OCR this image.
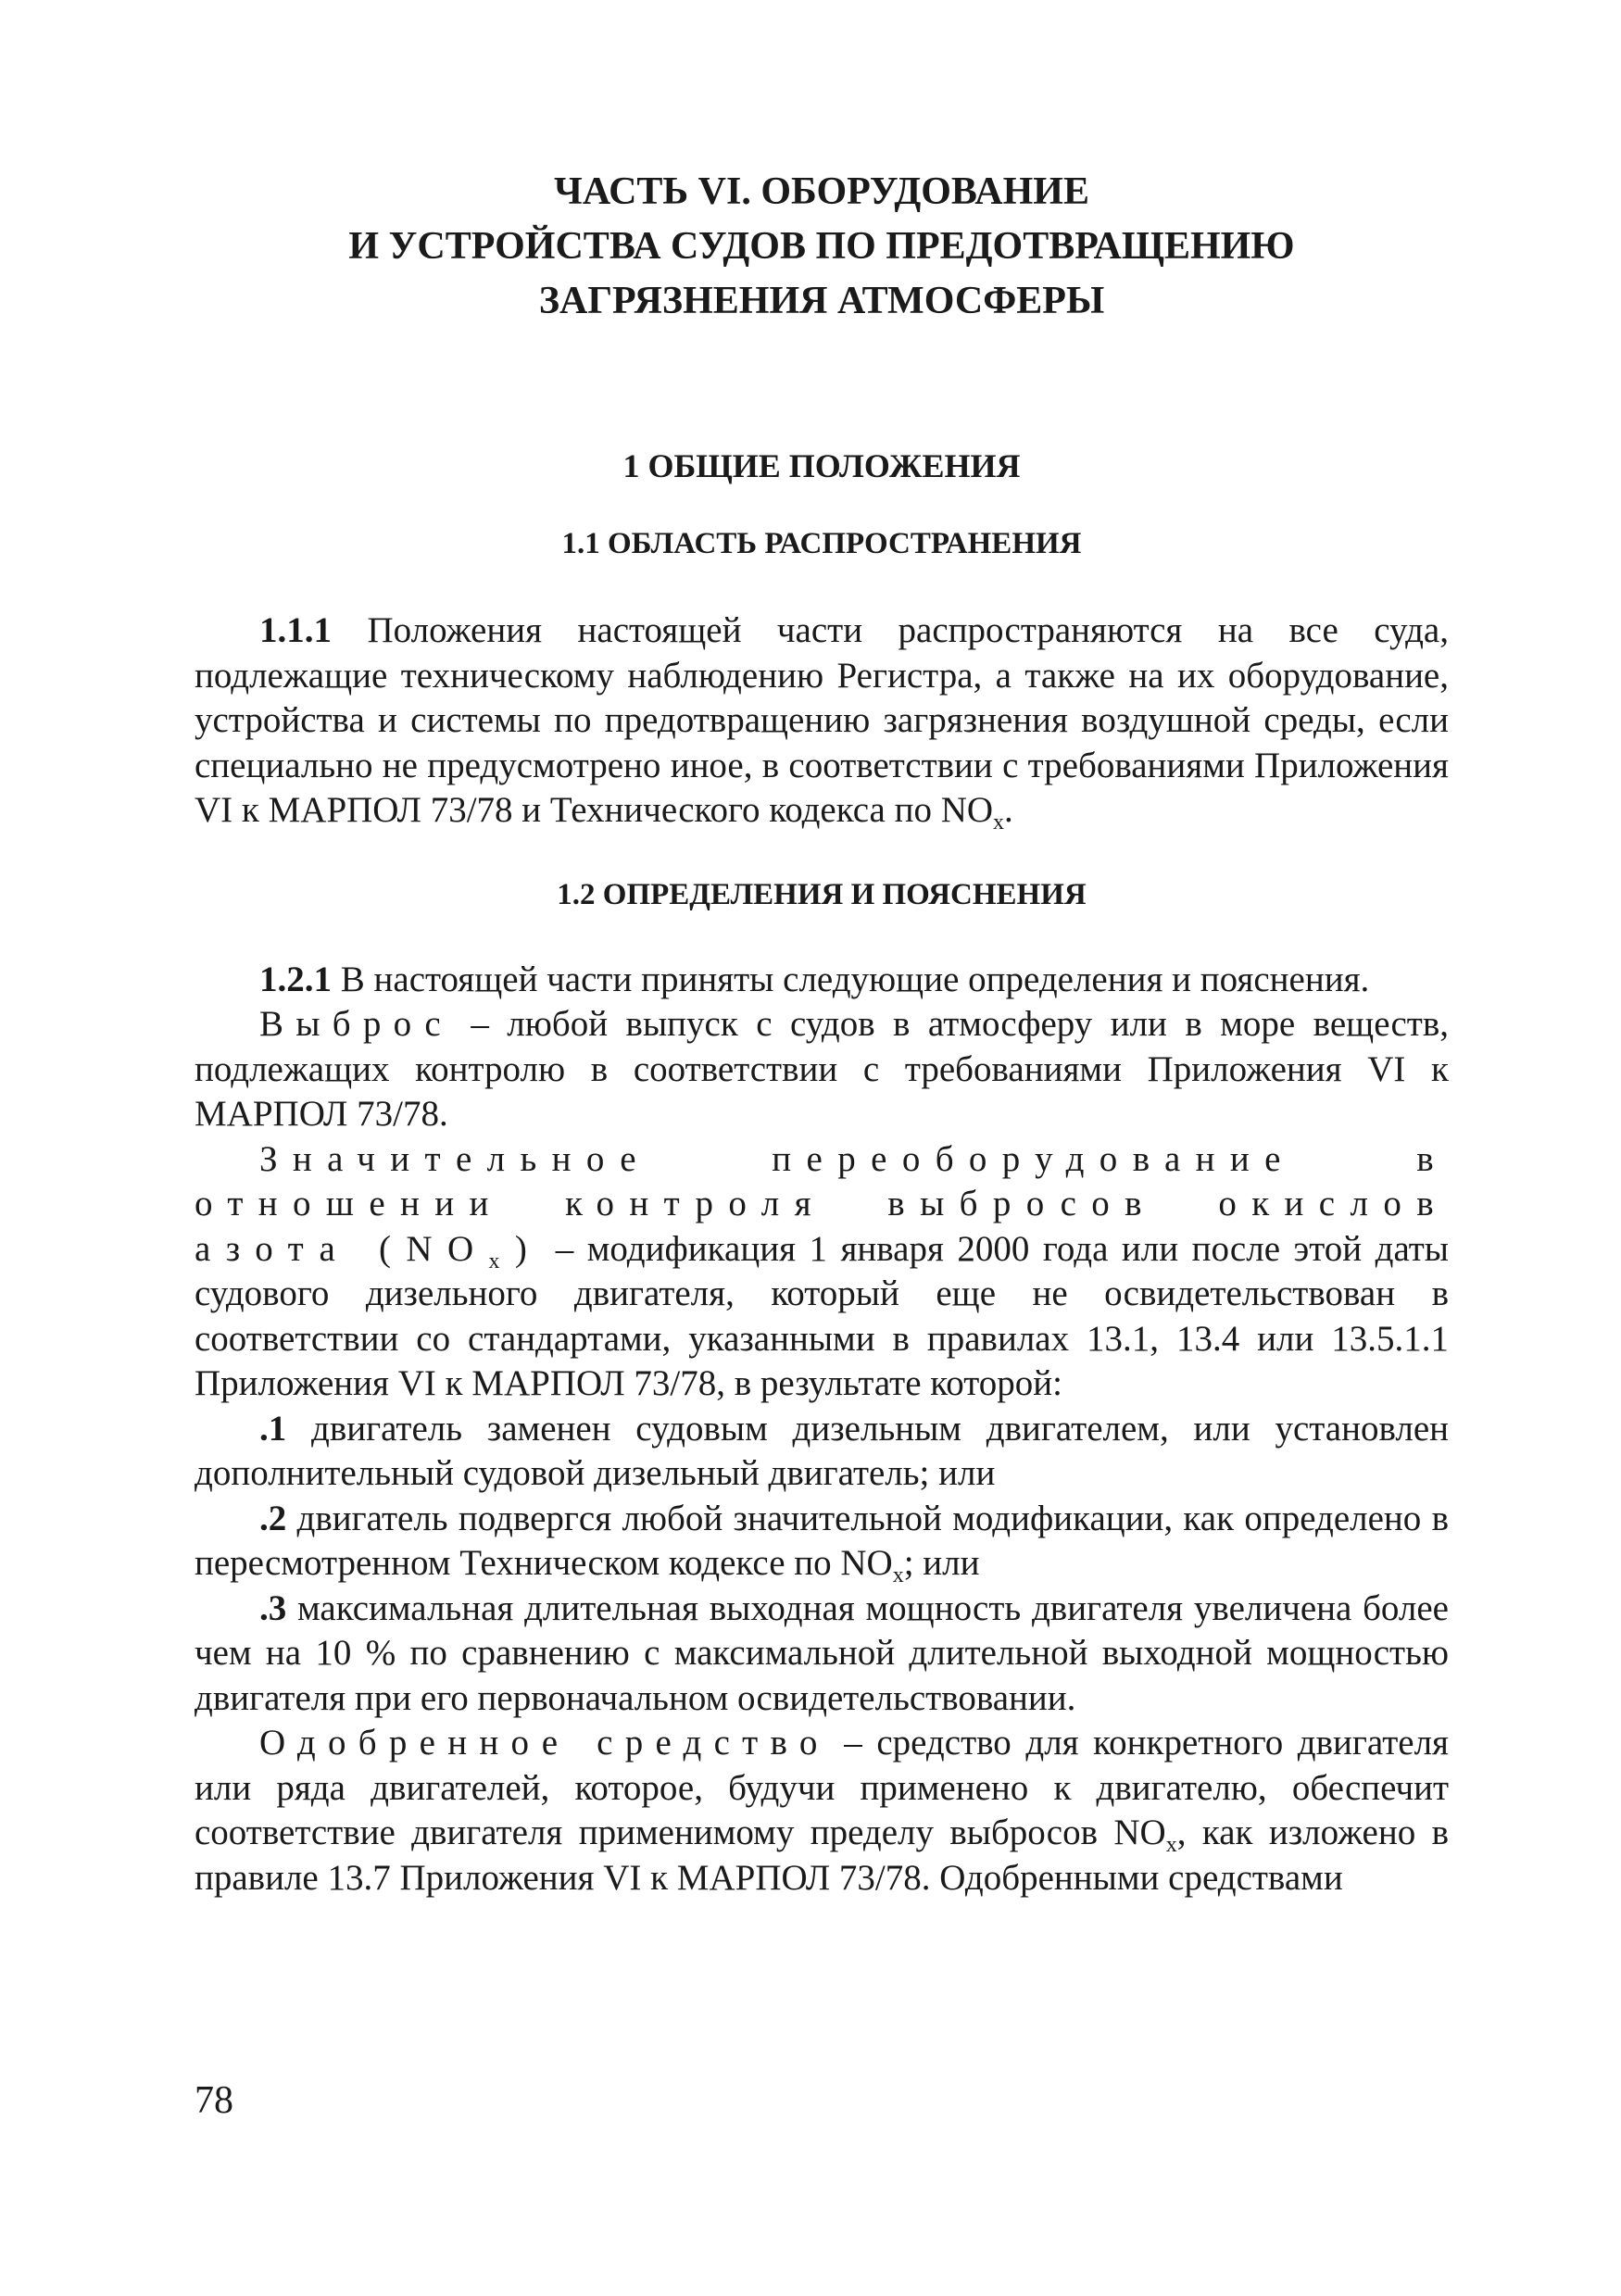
ЧАСТЬ VI. ОБОРУДОВАНИЕ
И УСТРОЙСТВА СУДОВ ПО ПРЕДОТВРАЩЕНИЮ
ЗАГРЯЗНЕНИЯ АТМОСФЕРЫ
1 ОБЩИЕ ПОЛОЖЕНИЯ
1.1 ОБЛАСТЬ РАСПРОСТРАНЕНИЯ

1.1.1 Положения настоящей части распространяются на все суда, подлежащие техническому наблюдению Регистра, а также на их оборудование, устройства и системы по предотвращению загрязнения воздушной среды, если специально не предусмотрено иное, в соответствии с требованиями Приложения VI к МАРПОЛ 73/78 и Технического кодекса по $NO_x$.

1.2 ОПРЕДЕЛЕНИЯ И ПОЯСНЕНИЯ

1.2.1 В настоящей части приняты следующие определения и пояснения.

Выброс – любой выпуск с судов в атмосферу или в море веществ, подлежащих контролю в соответствии с требованиями Приложения VI к МАРПОЛ 73/78.

Значительное переоборудование в отношении контроля выбросов окислов азота $(NO_x)$ – модификация 1 января 2000 года или после этой даты судового дизельного двигателя, который еще не освидетельствован в соответствии со стандартами, указанными в правилах 13.1, 13.4 или 13.5.1.1 Приложения VI к МАРПОЛ 73/78, в результате которой:

.1 двигатель заменен судовым дизельным двигателем, или установлен дополнительный судовой дизельный двигатель; или

.2 двигатель подвергся любой значительной модификации, как определено в пересмотренном Техническом кодексе по $NO_x$; или

.3 максимальная длительная выходная мощность двигателя увеличена более чем на 10 % по сравнению с максимальной длительной выходной мощностью двигателя при его первоначальном освидетельствовании.

Одобренное средство – средство для конкретного двигателя или ряда двигателей, которое, будучи применено к двигателю, обеспечит соответствие двигателя применимому пределу выбросов $NO_x$, как изложено в правиле 13.7 Приложения VI к МАРПОЛ 73/78. Одобренными средствами

78
